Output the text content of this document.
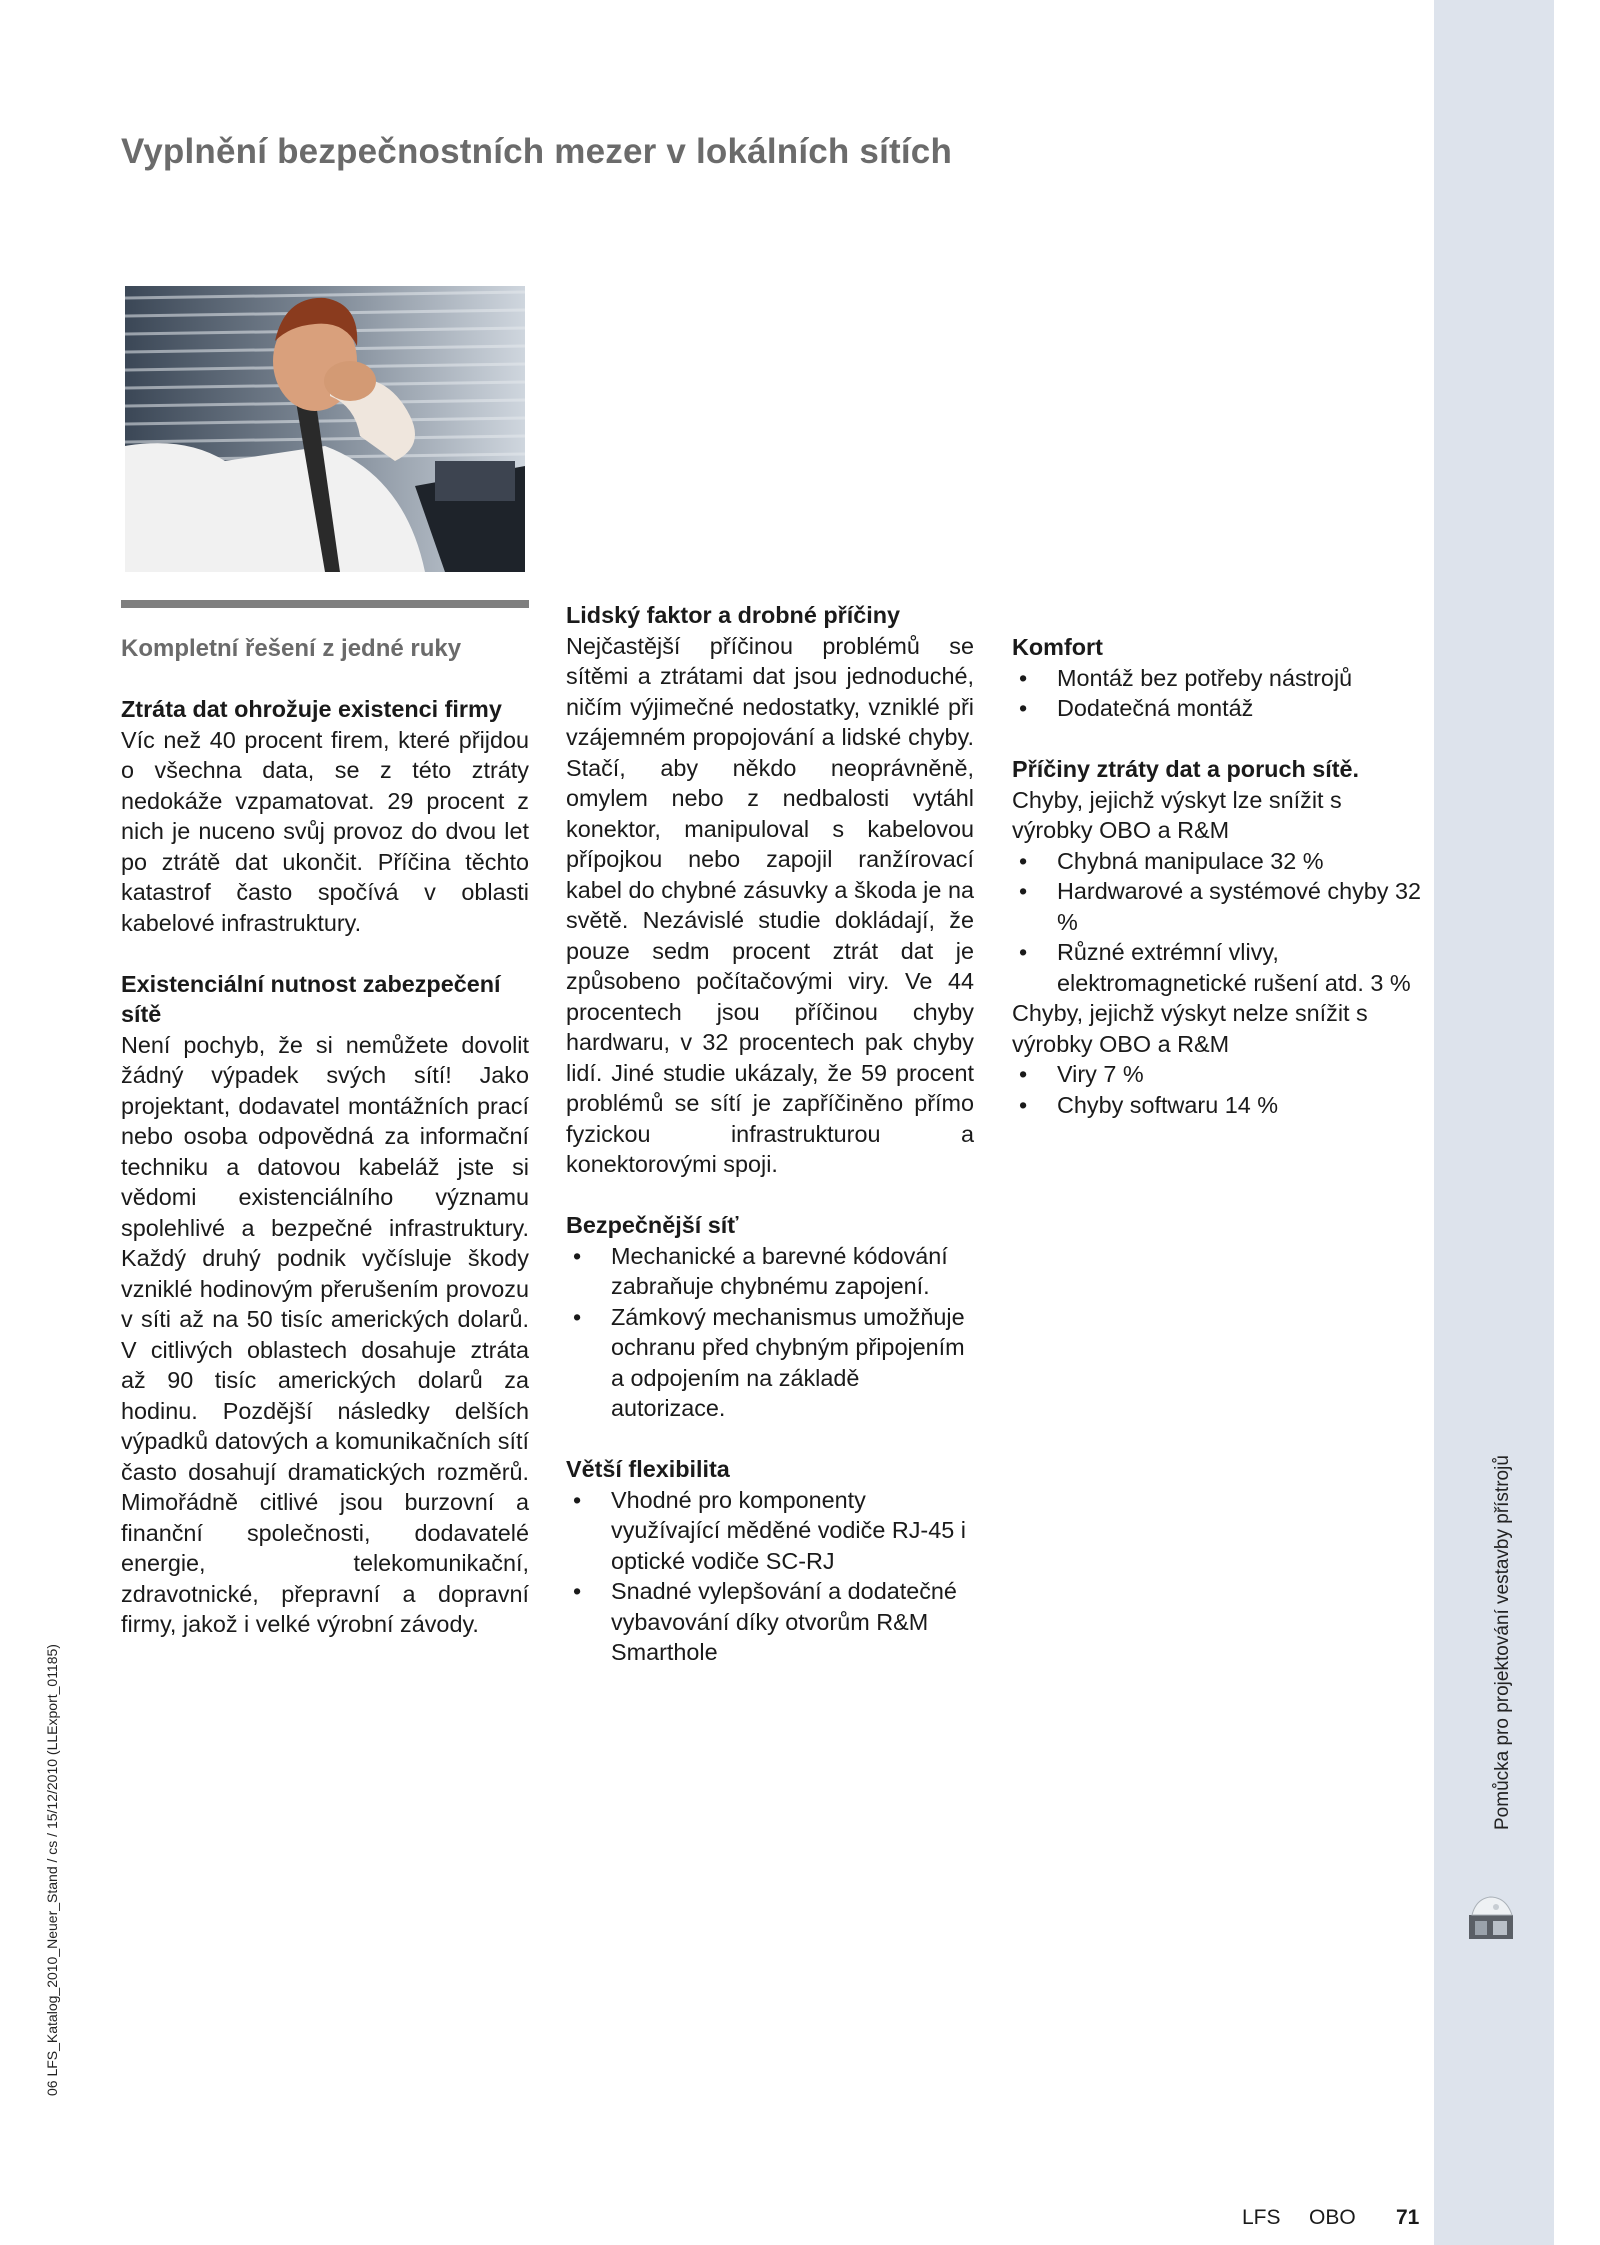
Pomůcka pro projektování vestavby přístrojů
06 LFS_Katalog_2010_Neuer_Stand / cs / 15/12/2010 (LLExport_01185)
Vyplnění bezpečnostních mezer v lokálních sítích
Kompletní řešení z jedné ruky
Ztráta dat ohrožuje existenci firmy

Víc než 40 procent firem, které přijdou o všechna data, se z této ztráty nedokáže vzpamatovat. 29 procent z nich je nuceno svůj provoz do dvou let po ztrátě dat ukončit. Příčina těchto katastrof často spočívá v oblasti kabelové infrastruktury.

Existenciální nutnost zabezpečení sítě

Není pochyb, že si nemůžete dovolit žádný výpadek svých sítí! Jako projektant, dodavatel montážních prací nebo osoba odpovědná za informační techniku a datovou kabeláž jste si vědomi existenciálního významu spolehlivé a bezpečné infrastruktury. Každý druhý podnik vyčísluje škody vzniklé hodinovým přerušením provozu v síti až na 50 tisíc amerických dolarů. V citlivých oblastech dosahuje ztráta až 90 tisíc amerických dolarů za hodinu. Pozdější následky delších výpadků datových a komunikačních sítí často dosahují dramatických rozměrů. Mimořádně citlivé jsou burzovní a finanční společnosti, dodavatelé energie, telekomunikační, zdravotnické, přepravní a dopravní firmy, jakož i velké výrobní závody.

Lidský faktor a drobné příčiny

Nejčastější příčinou problémů se sítěmi a ztrátami dat jsou jednoduché, ničím výjimečné nedostatky, vzniklé při vzájemném propojování a lidské chyby. Stačí, aby někdo neoprávněně, omylem nebo z nedbalosti vytáhl konektor, manipuloval s kabelovou přípojkou nebo zapojil ranžírovací kabel do chybné zásuvky a škoda je na světě. Nezávislé studie dokládají, že pouze sedm procent ztrát dat je způsobeno počítačovými viry. Ve 44 procentech jsou příčinou chyby hardwaru, v 32 procentech pak chyby lidí. Jiné studie ukázaly, že 59 procent problémů se sítí je zapříčiněno přímo fyzickou infrastrukturou a konektorovými spoji.

Bezpečnější síť
• Mechanické a barevné kódování zabraňuje chybnému zapojení.
• Zámkový mechanismus umožňuje ochranu před chybným připojením a odpojením na základě autorizace.
Větší flexibilita
• Vhodné pro komponenty využívající měděné vodiče RJ-45 i optické vodiče SC-RJ
• Snadné vylepšování a dodatečné vybavování díky otvorům R&M Smarthole
Komfort
• Montáž bez potřeby nástrojů
• Dodatečná montáž
Příčiny ztráty dat a poruch sítě.

Chyby, jejichž výskyt lze snížit s výrobky OBO a R&M

• Chybná manipulace 32 %
• Hardwarové a systémové chyby 32 %
• Různé extrémní vlivy, elektromagnetické rušení atd. 3 %

Chyby, jejichž výskyt nelze snížit s výrobky OBO a R&M

• Viry 7 %
• Chyby softwaru 14 %
LFS OBO 71
